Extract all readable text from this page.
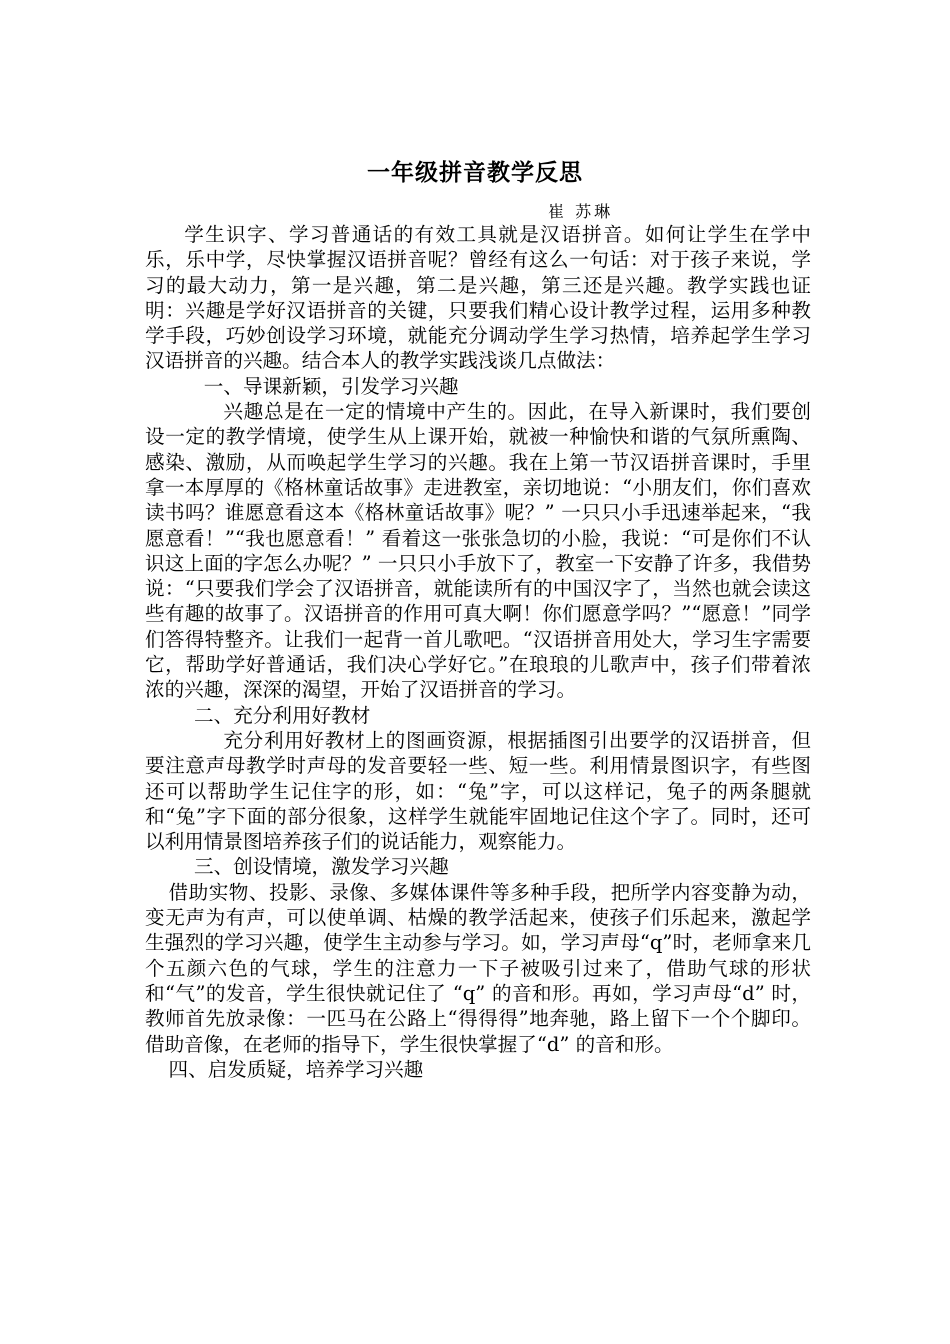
一年级拼音教学反思
崔 苏琳

学生识字、学习普通话的有效工具就是汉语拼音。如何让学生在学中乐，乐中学，尽快掌握汉语拼音呢？曾经有这么一句话：对于孩子来说，学习的最大动力，第一是兴趣，第二是兴趣，第三还是兴趣。教学实践也证明：兴趣是学好汉语拼音的关键，只要我们精心设计教学过程，运用多种教学手段，巧妙创设学习环境，就能充分调动学生学习热情，培养起学生学习汉语拼音的兴趣。结合本人的教学实践浅谈几点做法：

一、导课新颖，引发学习兴趣

兴趣总是在一定的情境中产生的。因此，在导入新课时，我们要创设一定的教学情境，使学生从上课开始，就被一种愉快和谐的气氛所熏陶、感染、激励，从而唤起学生学习的兴趣。我在上第一节汉语拼音课时，手里拿一本厚厚的《格林童话故事》走进教室，亲切地说：“小朋友们，你们喜欢读书吗？谁愿意看这本《格林童话故事》呢？” 一只只小手迅速举起来，“我愿意看！”“我也愿意看！” 看着这一张张急切的小脸，我说：“可是你们不认识这上面的字怎么办呢？” 一只只小手放下了，教室一下安静了许多，我借势说：“只要我们学会了汉语拼音，就能读所有的中国汉字了，当然也就会读这些有趣的故事了。汉语拼音的作用可真大啊！你们愿意学吗？”“愿意！”同学们答得特整齐。让我们一起背一首儿歌吧。“汉语拼音用处大，学习生字需要它，帮助学好普通话，我们决心学好它。”在琅琅的儿歌声中，孩子们带着浓浓的兴趣，深深的渴望，开始了汉语拼音的学习。

二、充分利用好教材

充分利用好教材上的图画资源，根据插图引出要学的汉语拼音，但要注意声母教学时声母的发音要轻一些、短一些。利用情景图识字，有些图还可以帮助学生记住字的形，如：“兔”字，可以这样记，兔子的两条腿就和“兔”字下面的部分很象，这样学生就能牢固地记住这个字了。同时，还可以利用情景图培养孩子们的说话能力，观察能力。

三、创设情境，激发学习兴趣

借助实物、投影、录像、多媒体课件等多种手段，把所学内容变静为动，变无声为有声，可以使单调、枯燥的教学活起来，使孩子们乐起来，激起学生强烈的学习兴趣，使学生主动参与学习。如，学习声母“q”时，老师拿来几个五颜六色的气球，学生的注意力一下子被吸引过来了，借助气球的形状和“气”的发音，学生很快就记住了 “q” 的音和形。再如，学习声母“d” 时，教师首先放录像：一匹马在公路上“得得得”地奔驰，路上留下一个个脚印。借助音像，在老师的指导下，学生很快掌握了“d” 的音和形。

四、启发质疑，培养学习兴趣
